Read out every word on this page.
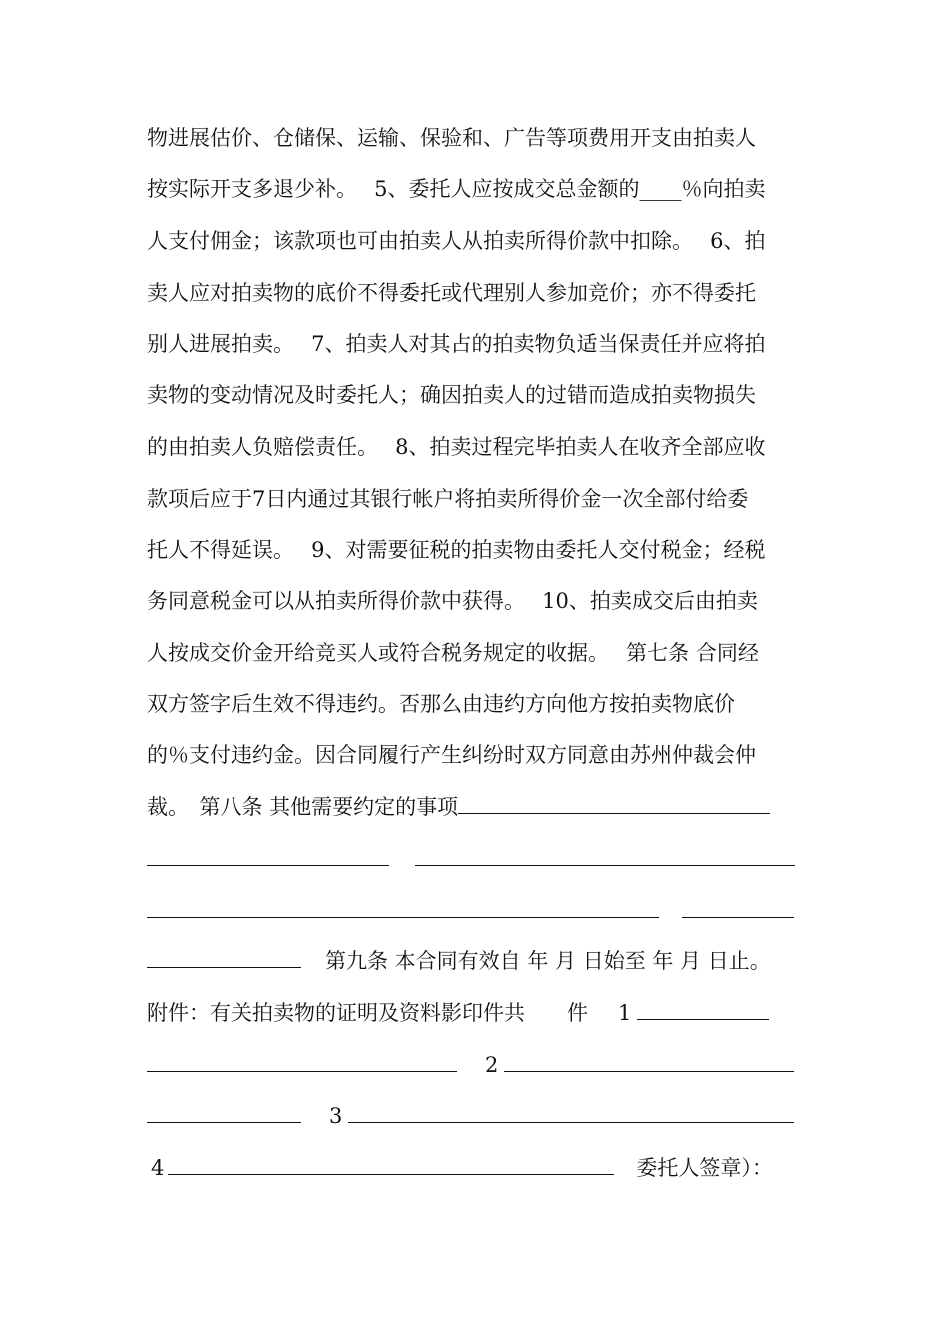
物进展估价、仓储保、运输、保验和、广告等项费用开支由拍卖人
按实际开支多退少补。　 5、委托人应按成交总金额的____％向拍卖
人支付佣金；该款项也可由拍卖人从拍卖所得价款中扣除。　 6、拍
卖人应对拍卖物的底价不得委托或代理别人参加竞价；亦不得委托
别人进展拍卖。　 7、拍卖人对其占的拍卖物负适当保责任并应将拍
卖物的变动情况及时委托人；确因拍卖人的过错而造成拍卖物损失
的由拍卖人负赔偿责任。　 8、拍卖过程完毕拍卖人在收齐全部应收
款项后应于7日内通过其银行帐户将拍卖所得价金一次全部付给委
托人不得延误。　 9、对需要征税的拍卖物由委托人交付税金；经税
务同意税金可以从拍卖所得价款中获得。　 10、拍卖成交后由拍卖
人按成交价金开给竞买人或符合税务规定的收据。　 第七条 合同经
双方签字后生效不得违约。否那么由违约方向他方按拍卖物底价
的％支付违约金。因合同履行产生纠纷时双方同意由苏州仲裁会仲
裁。　第八条 其他需要约定的事项
第九条 本合同有效自 年 月 日始至 年 月 日止。
附件：有关拍卖物的证明及资料影印件共　　件 1
2
3
4	委托人签章）：
